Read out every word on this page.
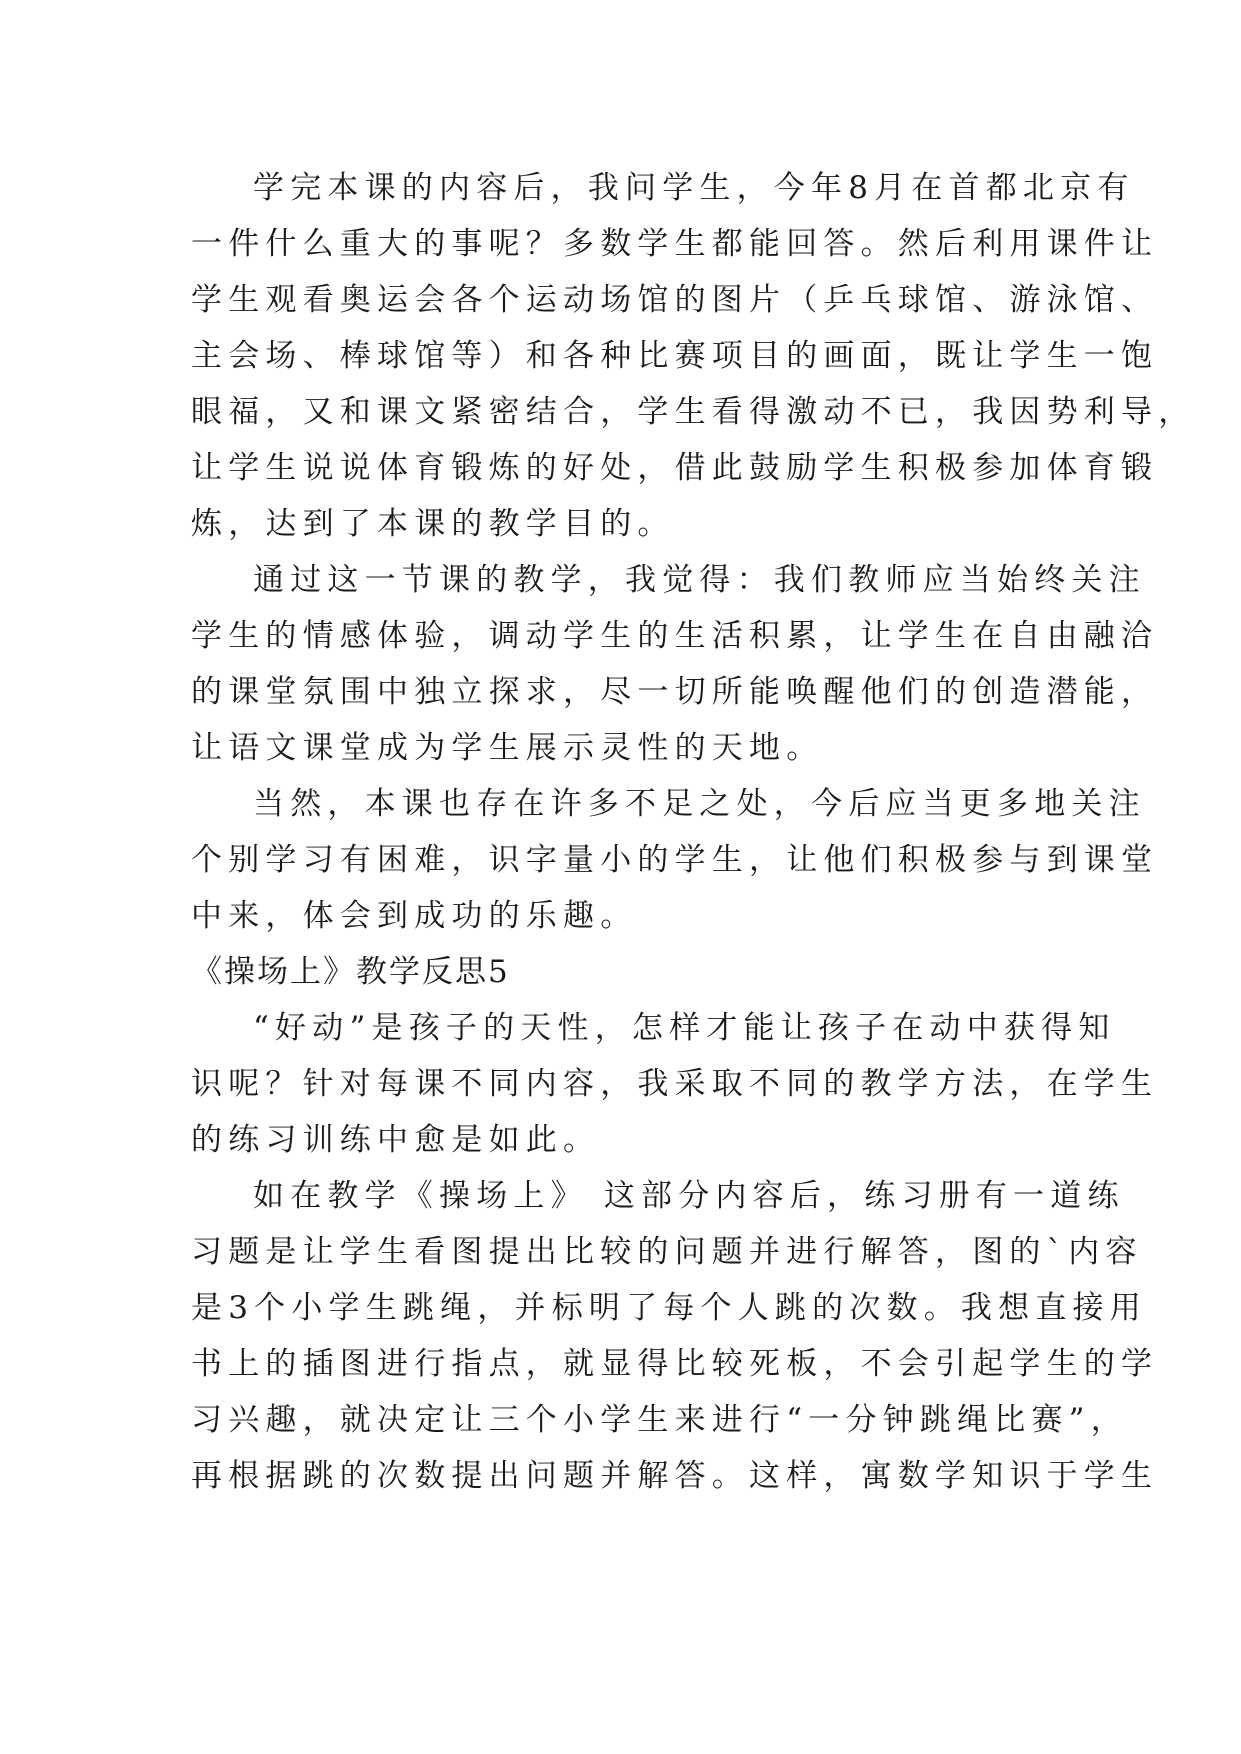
学完本课的内容后，我问学生，今年8月在首都北京有
一件什么重大的事呢？多数学生都能回答。然后利用课件让
学生观看奥运会各个运动场馆的图片（乒乓球馆、游泳馆、
主会场、棒球馆等）和各种比赛项目的画面，既让学生一饱
眼福，又和课文紧密结合，学生看得激动不已，我因势利导，
让学生说说体育锻炼的好处，借此鼓励学生积极参加体育锻
炼，达到了本课的教学目的。
通过这一节课的教学，我觉得：我们教师应当始终关注
学生的情感体验，调动学生的生活积累，让学生在自由融洽
的课堂氛围中独立探求，尽一切所能唤醒他们的创造潜能，
让语文课堂成为学生展示灵性的天地。
当然，本课也存在许多不足之处，今后应当更多地关注
个别学习有困难，识字量小的学生，让他们积极参与到课堂
中来，体会到成功的乐趣。
《操场上》教学反思5
“好动”是孩子的天性，怎样才能让孩子在动中获得知
识呢？针对每课不同内容，我采取不同的教学方法，在学生
的练习训练中愈是如此。
如在教学《操场上》 这部分内容后，练习册有一道练
习题是让学生看图提出比较的问题并进行解答，图的`内容
是3个小学生跳绳，并标明了每个人跳的次数。我想直接用
书上的插图进行指点，就显得比较死板，不会引起学生的学
习兴趣，就决定让三个小学生来进行“一分钟跳绳比赛”，
再根据跳的次数提出问题并解答。这样，寓数学知识于学生
